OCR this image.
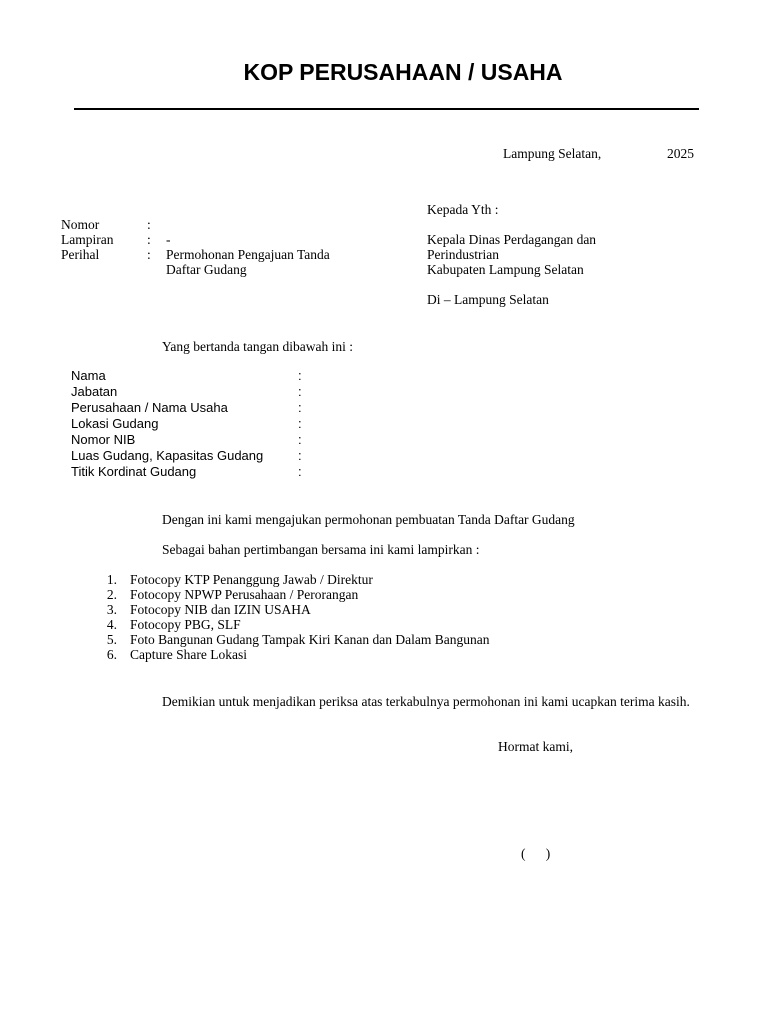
KOP PERUSAHAAN / USAHA
Lampung Selatan,	2025
Nomor	:
Lampiran : -
Perihal	: Permohonan Pengajuan Tanda
Daftar Gudang
Kepada Yth :
Kepala Dinas Perdagangan dan
Perindustrian
Kabupaten Lampung Selatan
Di – Lampung Selatan
Yang bertanda tangan dibawah ini :
Nama	:
Jabatan	:
Perusahaan / Nama Usaha	:
Lokasi Gudang	:
Nomor NIB	:
Luas Gudang, Kapasitas Gudang	:
Titik Kordinat Gudang	:
Dengan ini kami mengajukan permohonan pembuatan Tanda Daftar Gudang
Sebagai bahan pertimbangan bersama ini kami lampirkan :
1. Fotocopy KTP Penanggung Jawab / Direktur
2. Fotocopy NPWP Perusahaan / Perorangan
3. Fotocopy NIB dan IZIN USAHA
4. Fotocopy PBG, SLF
5. Foto Bangunan Gudang Tampak Kiri Kanan dan Dalam Bangunan
6. Capture Share Lokasi
Demikian untuk menjadikan periksa atas terkabulnya permohonan ini kami ucapkan terima kasih.
Hormat kami,
(      )
